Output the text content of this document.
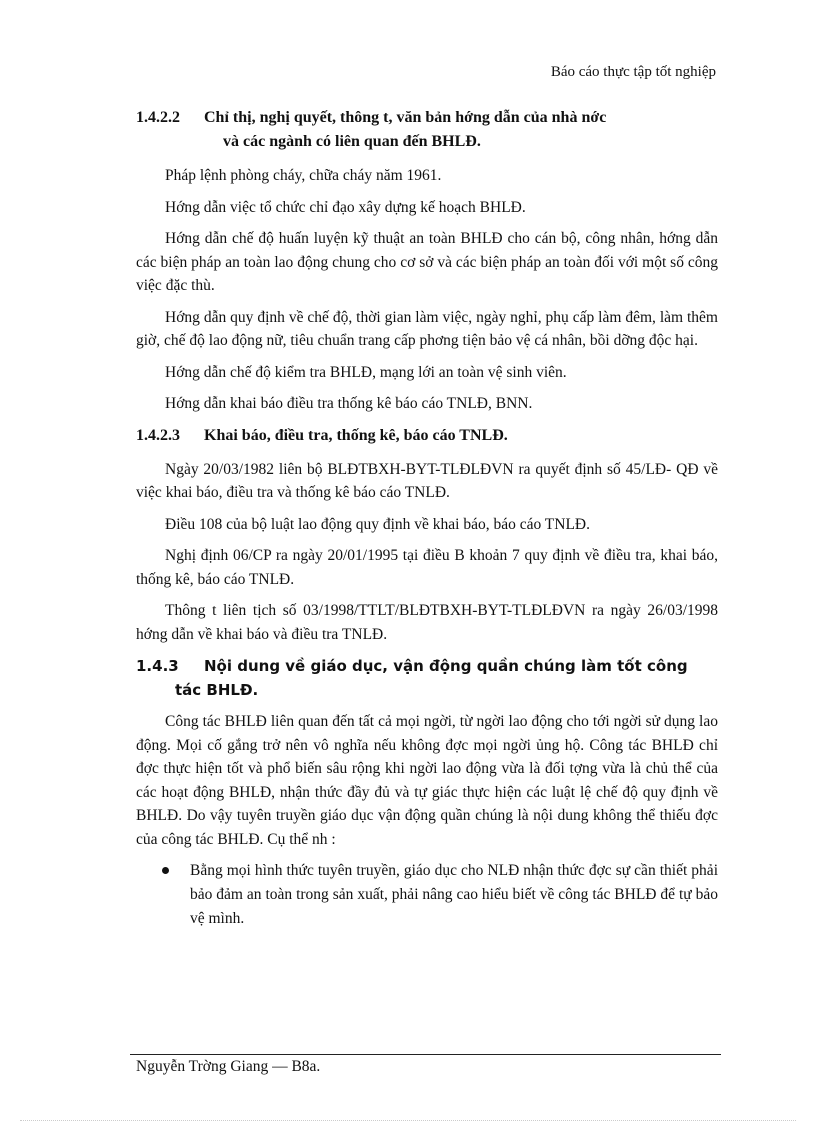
Báo cáo thực tập tốt nghiệp
1.4.2.2 Chỉ thị, nghị quyết, thông t, văn bản hớng dẫn của nhà nớc
và các ngành có liên quan đến BHLĐ.

Pháp lệnh phòng cháy, chữa cháy năm 1961.

Hớng dẫn việc tổ chức chỉ đạo xây dựng kế hoạch BHLĐ.

Hớng dẫn chế độ huấn luyện kỹ thuật an toàn BHLĐ cho cán bộ, công nhân, hớng dẫn các biện pháp an toàn lao động chung cho cơ sở và các biện pháp an toàn đối với một số công việc đặc thù.

Hớng dẫn quy định về chế độ, thời gian làm việc, ngày nghỉ, phụ cấp làm đêm, làm thêm giờ, chế độ lao động nữ, tiêu chuẩn trang cấp phơng tiện bảo vệ cá nhân, bồi dỡng độc hại.

Hớng dẫn chế độ kiểm tra BHLĐ, mạng lới an toàn vệ sinh viên.

Hớng dẫn khai báo điều tra thống kê báo cáo TNLĐ, BNN.

1.4.2.3 Khai báo, điều tra, thống kê, báo cáo TNLĐ.

Ngày 20/03/1982 liên bộ BLĐTBXH-BYT-TLĐLĐVN ra quyết định số 45/LĐ- QĐ về việc khai báo, điều tra và thống kê báo cáo TNLĐ.

Điều 108 của bộ luật lao động quy định về khai báo, báo cáo TNLĐ.

Nghị định 06/CP ra ngày 20/01/1995 tại điều B khoản 7 quy định về điều tra, khai báo, thống kê, báo cáo TNLĐ.

Thông t liên tịch số 03/1998/TTLT/BLĐTBXH-BYT-TLĐLĐVN ra ngày 26/03/1998 hớng dẫn về khai báo và điều tra TNLĐ.

1.4.3 Nội dung về giáo dục, vận động quần chúng làm tốt công
tác BHLĐ.

Công tác BHLĐ liên quan đến tất cả mọi ngời, từ ngời lao động cho tới ngời sử dụng lao động. Mọi cố gắng trở nên vô nghĩa nếu không đợc mọi ngời ủng hộ. Công tác BHLĐ chỉ đợc thực hiện tốt và phổ biến sâu rộng khi ngời lao động vừa là đối tợng vừa là chủ thể của các hoạt động BHLĐ, nhận thức đầy đủ và tự giác thực hiện các luật lệ chế độ quy định về BHLĐ. Do vậy tuyên truyền giáo dục vận động quần chúng là nội dung không thể thiếu đợc của công tác BHLĐ. Cụ thể nh :

Bằng mọi hình thức tuyên truyền, giáo dục cho NLĐ nhận thức đợc sự cần thiết phải bảo đảm an toàn trong sản xuất, phải nâng cao hiểu biết về công tác BHLĐ để tự bảo vệ mình.
Nguyễn Trờng Giang — B8a.
